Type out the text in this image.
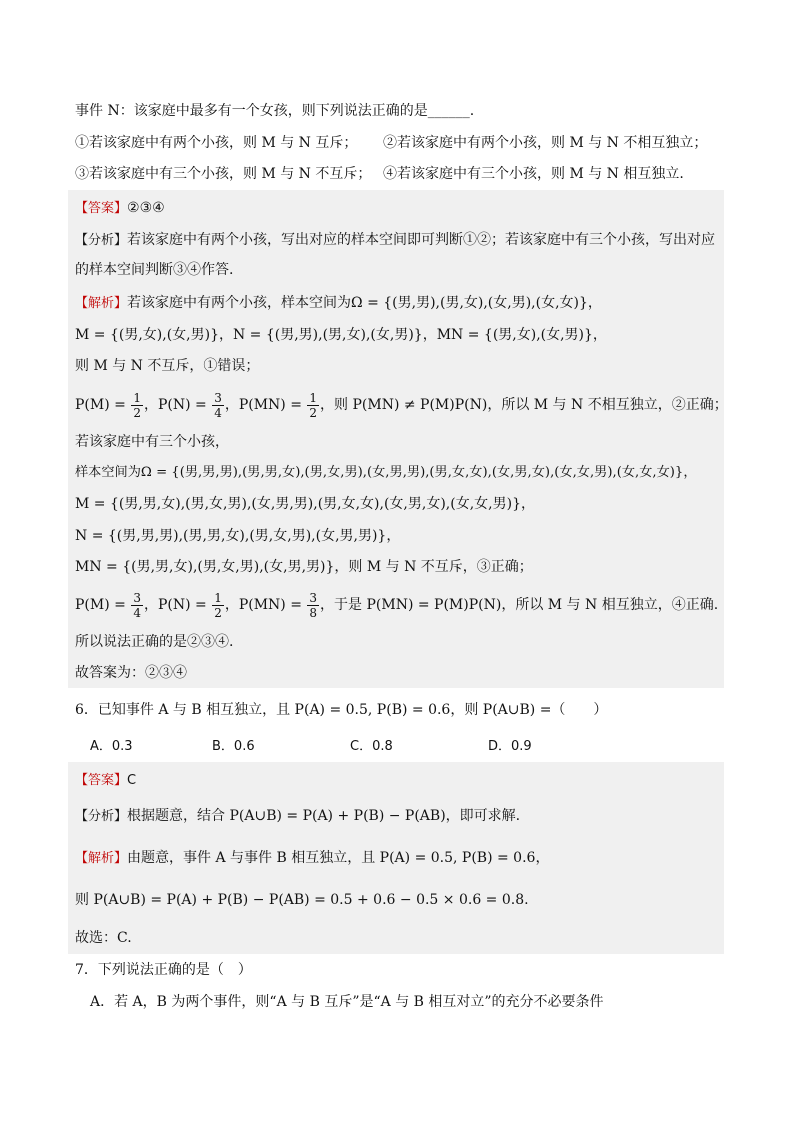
事件 N：该家庭中最多有一个女孩，则下列说法正确的是______.
①若该家庭中有两个小孩，则 M 与 N 互斥； ②若该家庭中有两个小孩，则 M 与 N 不相互独立；
③若该家庭中有三个小孩，则 M 与 N 不互斥； ④若该家庭中有三个小孩，则 M 与 N 相互独立.
【答案】②③④
【分析】若该家庭中有两个小孩，写出对应的样本空间即可判断①②；若该家庭中有三个小孩，写出对应
的样本空间判断③④作答.
【解析】若该家庭中有两个小孩，样本空间为Ω = {(男,男),(男,女),(女,男),(女,女)}，
M = {(男,女),(女,男)}，N = {(男,男),(男,女),(女,男)}，MN = {(男,女),(女,男)}，
则 M 与 N 不互斥，①错误；
$P(M) = \frac{1}{2}$ ，$P(N) = \frac{3}{4}$ ，$P(MN) = \frac{1}{2}$ ，则 P(MN) ≠ P(M)P(N)，所以 M 与 N 不相互独立，②正确；
若该家庭中有三个小孩，
样本空间为Ω = {(男,男,男),(男,男,女),(男,女,男),(女,男,男),(男,女,女),(女,男,女),(女,女,男),(女,女,女)}，
M = {(男,男,女),(男,女,男),(女,男,男),(男,女,女),(女,男,女),(女,女,男)}，
N = {(男,男,男),(男,男,女),(男,女,男),(女,男,男)}，
MN = {(男,男,女),(男,女,男),(女,男,男)}，则 M 与 N 不互斥，③正确；
$P(M) = \frac{3}{4}$ ，$P(N) = \frac{1}{2}$ ，$P(MN) = \frac{3}{8}$ ，于是 P(MN) = P(M)P(N)，所以 M 与 N 相互独立，④正确.
所以说法正确的是②③④.
故答案为：②③④
6．已知事件 A 与 B 相互独立，且 P(A) = 0.5, P(B) = 0.6，则 P(A∪B) =（　　）
A．0.3	B．0.6	C．0.8	D．0.9
【答案】C
【分析】根据题意，结合 P(A∪B) = P(A) + P(B) − P(AB)，即可求解.
【解析】由题意，事件 A 与事件 B 相互独立，且 P(A) = 0.5, P(B) = 0.6，
则 P(A∪B) = P(A) + P(B) − P(AB) = 0.5 + 0.6 − 0.5 × 0.6 = 0.8.
故选：C.
7．下列说法正确的是（　）
A．若 A，B 为两个事件，则“A 与 B 互斥”是“A 与 B 相互对立”的充分不必要条件
